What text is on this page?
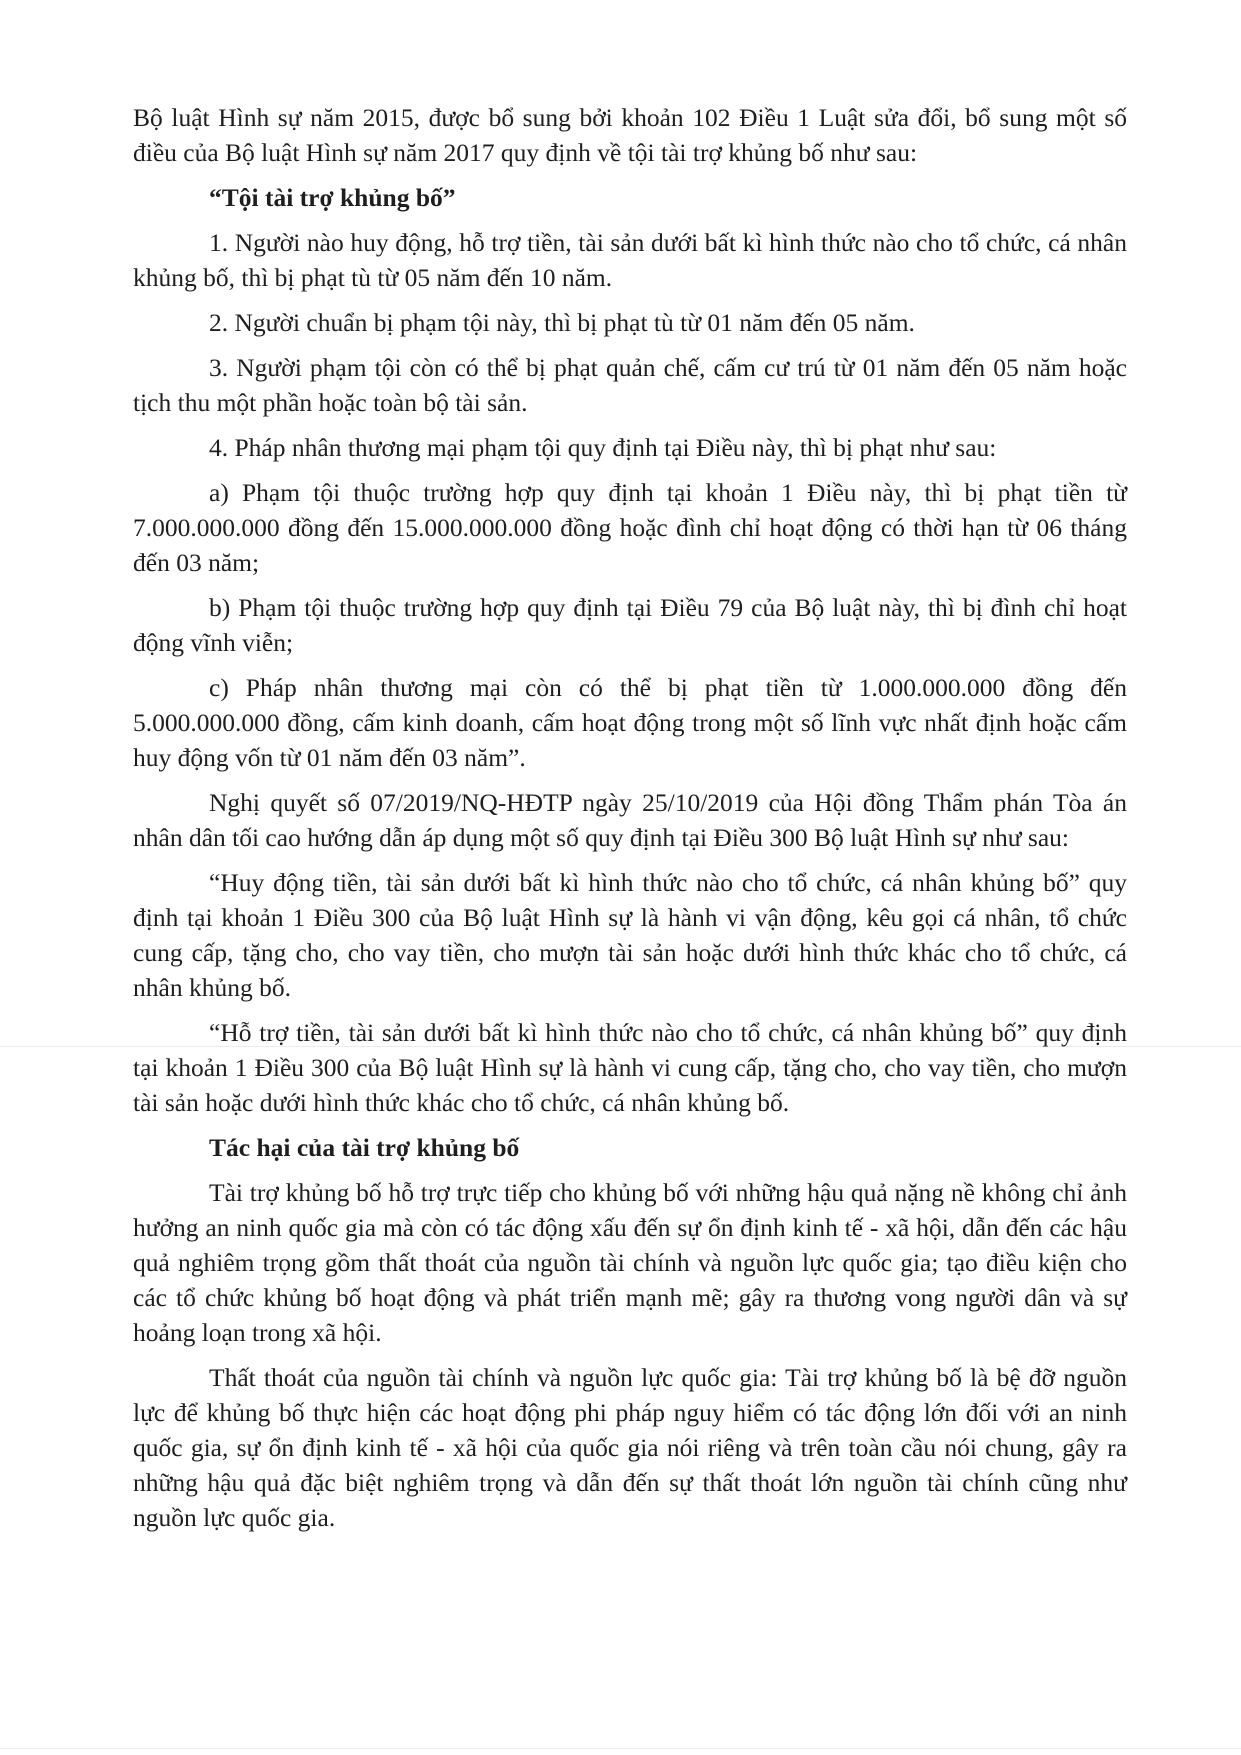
Bộ luật Hình sự năm 2015, được bổ sung bởi khoản 102 Điều 1 Luật sửa đổi, bổ sung một số điều của Bộ luật Hình sự năm 2017 quy định về tội tài trợ khủng bố như sau:

“Tội tài trợ khủng bố”

1. Người nào huy động, hỗ trợ tiền, tài sản dưới bất kì hình thức nào cho tổ chức, cá nhân khủng bố, thì bị phạt tù từ 05 năm đến 10 năm.

2. Người chuẩn bị phạm tội này, thì bị phạt tù từ 01 năm đến 05 năm.

3. Người phạm tội còn có thể bị phạt quản chế, cấm cư trú từ 01 năm đến 05 năm hoặc tịch thu một phần hoặc toàn bộ tài sản.

4. Pháp nhân thương mại phạm tội quy định tại Điều này, thì bị phạt như sau:

a) Phạm tội thuộc trường hợp quy định tại khoản 1 Điều này, thì bị phạt tiền từ 7.000.000.000 đồng đến 15.000.000.000 đồng hoặc đình chỉ hoạt động có thời hạn từ 06 tháng đến 03 năm;

b) Phạm tội thuộc trường hợp quy định tại Điều 79 của Bộ luật này, thì bị đình chỉ hoạt động vĩnh viễn;

c) Pháp nhân thương mại còn có thể bị phạt tiền từ 1.000.000.000 đồng đến 5.000.000.000 đồng, cấm kinh doanh, cấm hoạt động trong một số lĩnh vực nhất định hoặc cấm huy động vốn từ 01 năm đến 03 năm”.

Nghị quyết số 07/2019/NQ-HĐTP ngày 25/10/2019 của Hội đồng Thẩm phán Tòa án nhân dân tối cao hướng dẫn áp dụng một số quy định tại Điều 300 Bộ luật Hình sự như sau:

“Huy động tiền, tài sản dưới bất kì hình thức nào cho tổ chức, cá nhân khủng bố” quy định tại khoản 1 Điều 300 của Bộ luật Hình sự là hành vi vận động, kêu gọi cá nhân, tổ chức cung cấp, tặng cho, cho vay tiền, cho mượn tài sản hoặc dưới hình thức khác cho tổ chức, cá nhân khủng bố.

“Hỗ trợ tiền, tài sản dưới bất kì hình thức nào cho tổ chức, cá nhân khủng bố” quy định tại khoản 1 Điều 300 của Bộ luật Hình sự là hành vi cung cấp, tặng cho, cho vay tiền, cho mượn tài sản hoặc dưới hình thức khác cho tổ chức, cá nhân khủng bố.

Tác hại của tài trợ khủng bố

Tài trợ khủng bố hỗ trợ trực tiếp cho khủng bố với những hậu quả nặng nề không chỉ ảnh hưởng an ninh quốc gia mà còn có tác động xấu đến sự ổn định kinh tế - xã hội, dẫn đến các hậu quả nghiêm trọng gồm thất thoát của nguồn tài chính và nguồn lực quốc gia; tạo điều kiện cho các tổ chức khủng bố hoạt động và phát triển mạnh mẽ; gây ra thương vong người dân và sự hoảng loạn trong xã hội.

Thất thoát của nguồn tài chính và nguồn lực quốc gia: Tài trợ khủng bố là bệ đỡ nguồn lực để khủng bố thực hiện các hoạt động phi pháp nguy hiểm có tác động lớn đối với an ninh quốc gia, sự ổn định kinh tế - xã hội của quốc gia nói riêng và trên toàn cầu nói chung, gây ra những hậu quả đặc biệt nghiêm trọng và dẫn đến sự thất thoát lớn nguồn tài chính cũng như nguồn lực quốc gia.
